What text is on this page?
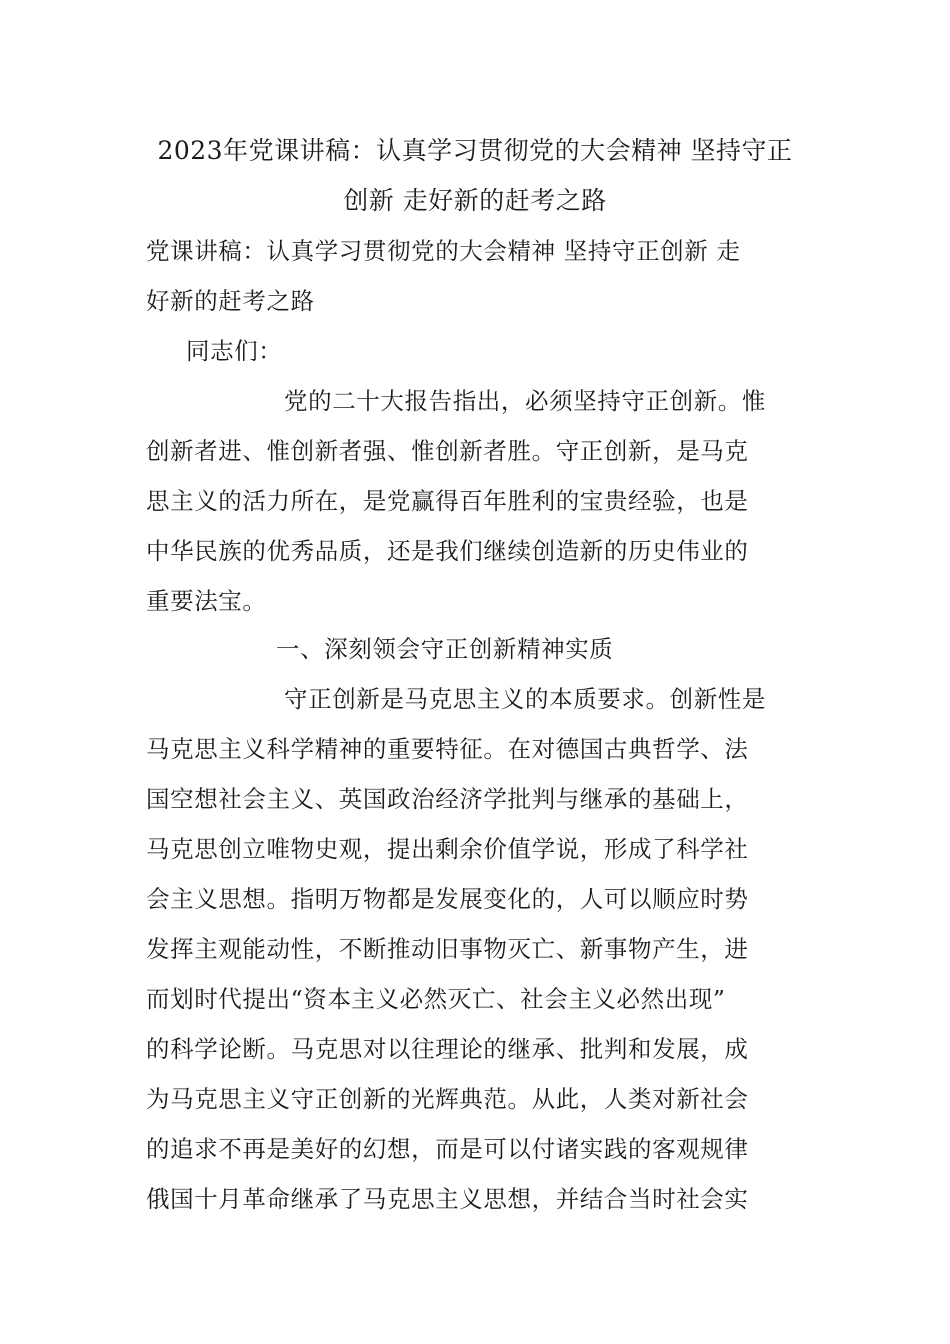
2023年党课讲稿：认真学习贯彻党的大会精神 坚持守正
创新 走好新的赶考之路

党课讲稿：认真学习贯彻党的大会精神 坚持守正创新 走

好新的赶考之路

同志们：

党的二十大报告指出，必须坚持守正创新。惟

创新者进、惟创新者强、惟创新者胜。守正创新，是马克

思主义的活力所在，是党赢得百年胜利的宝贵经验，也是

中华民族的优秀品质，还是我们继续创造新的历史伟业的

重要法宝。

一、深刻领会守正创新精神实质

守正创新是马克思主义的本质要求。创新性是

马克思主义科学精神的重要特征。在对德国古典哲学、法

国空想社会主义、英国政治经济学批判与继承的基础上，

马克思创立唯物史观，提出剩余价值学说，形成了科学社

会主义思想。指明万物都是发展变化的，人可以顺应时势

发挥主观能动性，不断推动旧事物灭亡、新事物产生，进

而划时代提出“资本主义必然灭亡、社会主义必然出现”

的科学论断。马克思对以往理论的继承、批判和发展，成

为马克思主义守正创新的光辉典范。从此，人类对新社会

的追求不再是美好的幻想，而是可以付诸实践的客观规律

俄国十月革命继承了马克思主义思想，并结合当时社会实
